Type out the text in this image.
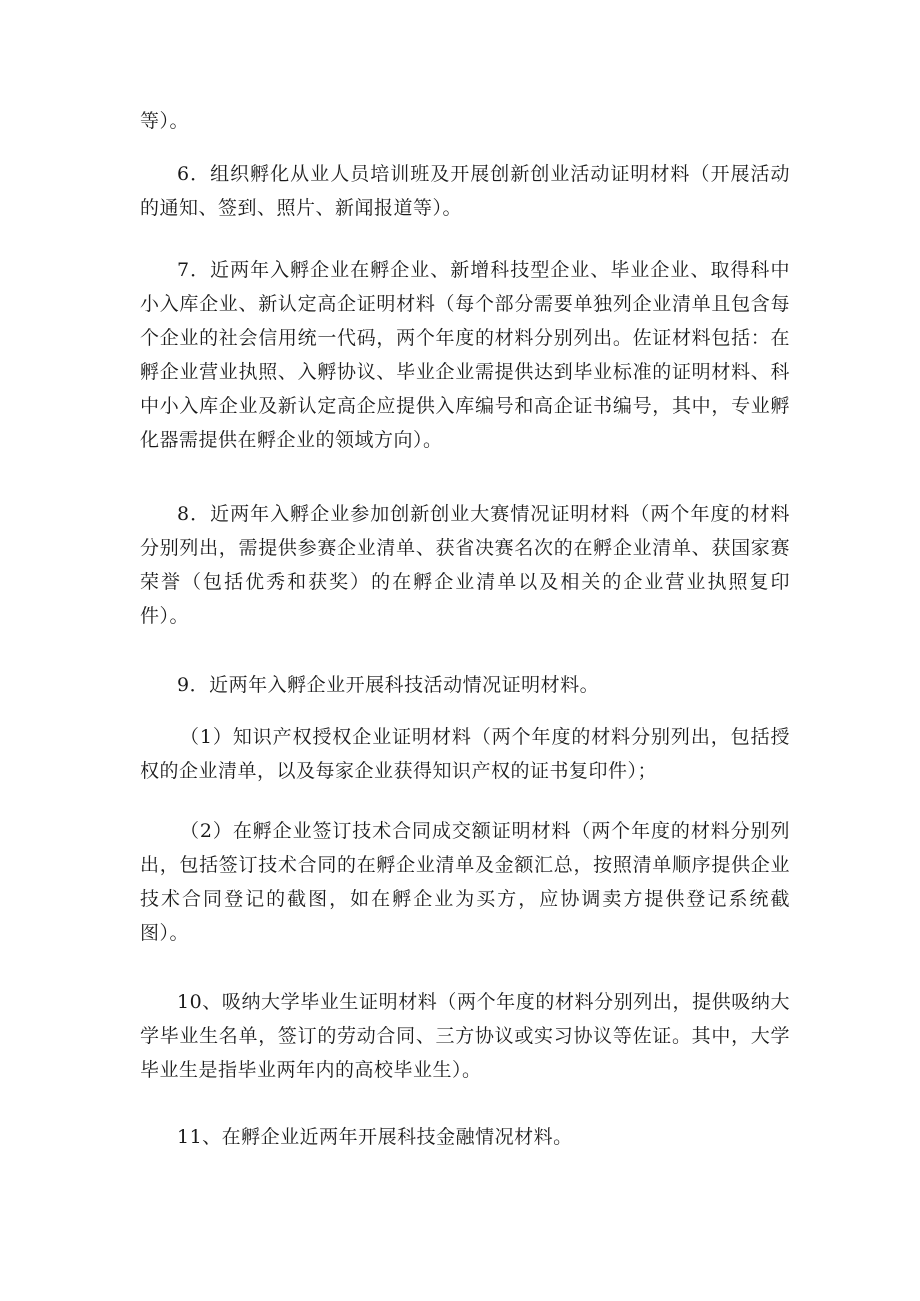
等）。

6．组织孵化从业人员培训班及开展创新创业活动证明材料（开展活动的通知、签到、照片、新闻报道等）。

7．近两年入孵企业在孵企业、新增科技型企业、毕业企业、取得科中小入库企业、新认定高企证明材料（每个部分需要单独列企业清单且包含每个企业的社会信用统一代码，两个年度的材料分别列出。佐证材料包括：在孵企业营业执照、入孵协议、毕业企业需提供达到毕业标准的证明材料、科中小入库企业及新认定高企应提供入库编号和高企证书编号，其中，专业孵化器需提供在孵企业的领域方向）。

8．近两年入孵企业参加创新创业大赛情况证明材料（两个年度的材料分别列出，需提供参赛企业清单、获省决赛名次的在孵企业清单、获国家赛荣誉（包括优秀和获奖）的在孵企业清单以及相关的企业营业执照复印件）。

9．近两年入孵企业开展科技活动情况证明材料。

（1）知识产权授权企业证明材料（两个年度的材料分别列出，包括授权的企业清单，以及每家企业获得知识产权的证书复印件）；

（2）在孵企业签订技术合同成交额证明材料（两个年度的材料分别列出，包括签订技术合同的在孵企业清单及金额汇总，按照清单顺序提供企业技术合同登记的截图，如在孵企业为买方，应协调卖方提供登记系统截图）。

10、吸纳大学毕业生证明材料（两个年度的材料分别列出，提供吸纳大学毕业生名单，签订的劳动合同、三方协议或实习协议等佐证。其中，大学毕业生是指毕业两年内的高校毕业生）。

11、在孵企业近两年开展科技金融情况材料。
